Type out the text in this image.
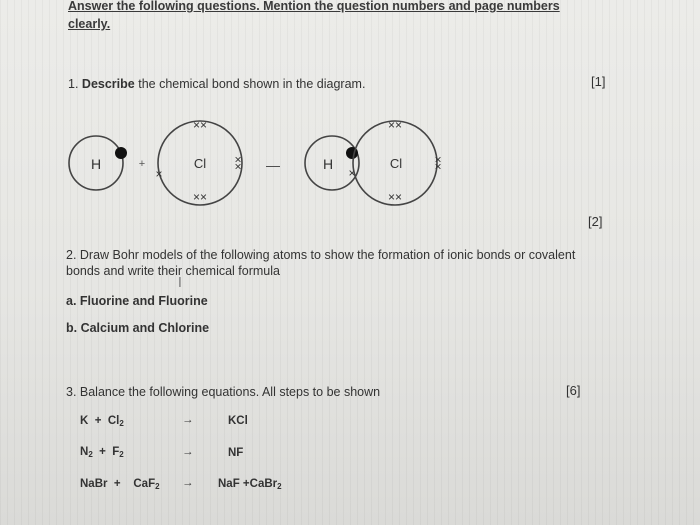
Answer the following questions. Mention the question numbers and page numbers
clearly.
1. Describe the chemical bond shown in the diagram.	[1]
H	+	Cl
××
××
××
×
—	H
×
Cl
××
××
××
[2]
2. Draw Bohr models of the following atoms to show the formation of ionic bonds or covalent
bonds and write their chemical formula
I
a. Fluorine and Fluorine
b. Calcium and Chlorine
3. Balance the following equations. All steps to be shown	[6]
$K + Cl_2$	→	KCl
$N_2 + F_2$	→	NF
NaBr + CaF$_2$ → NaF +CaBr$_2$
